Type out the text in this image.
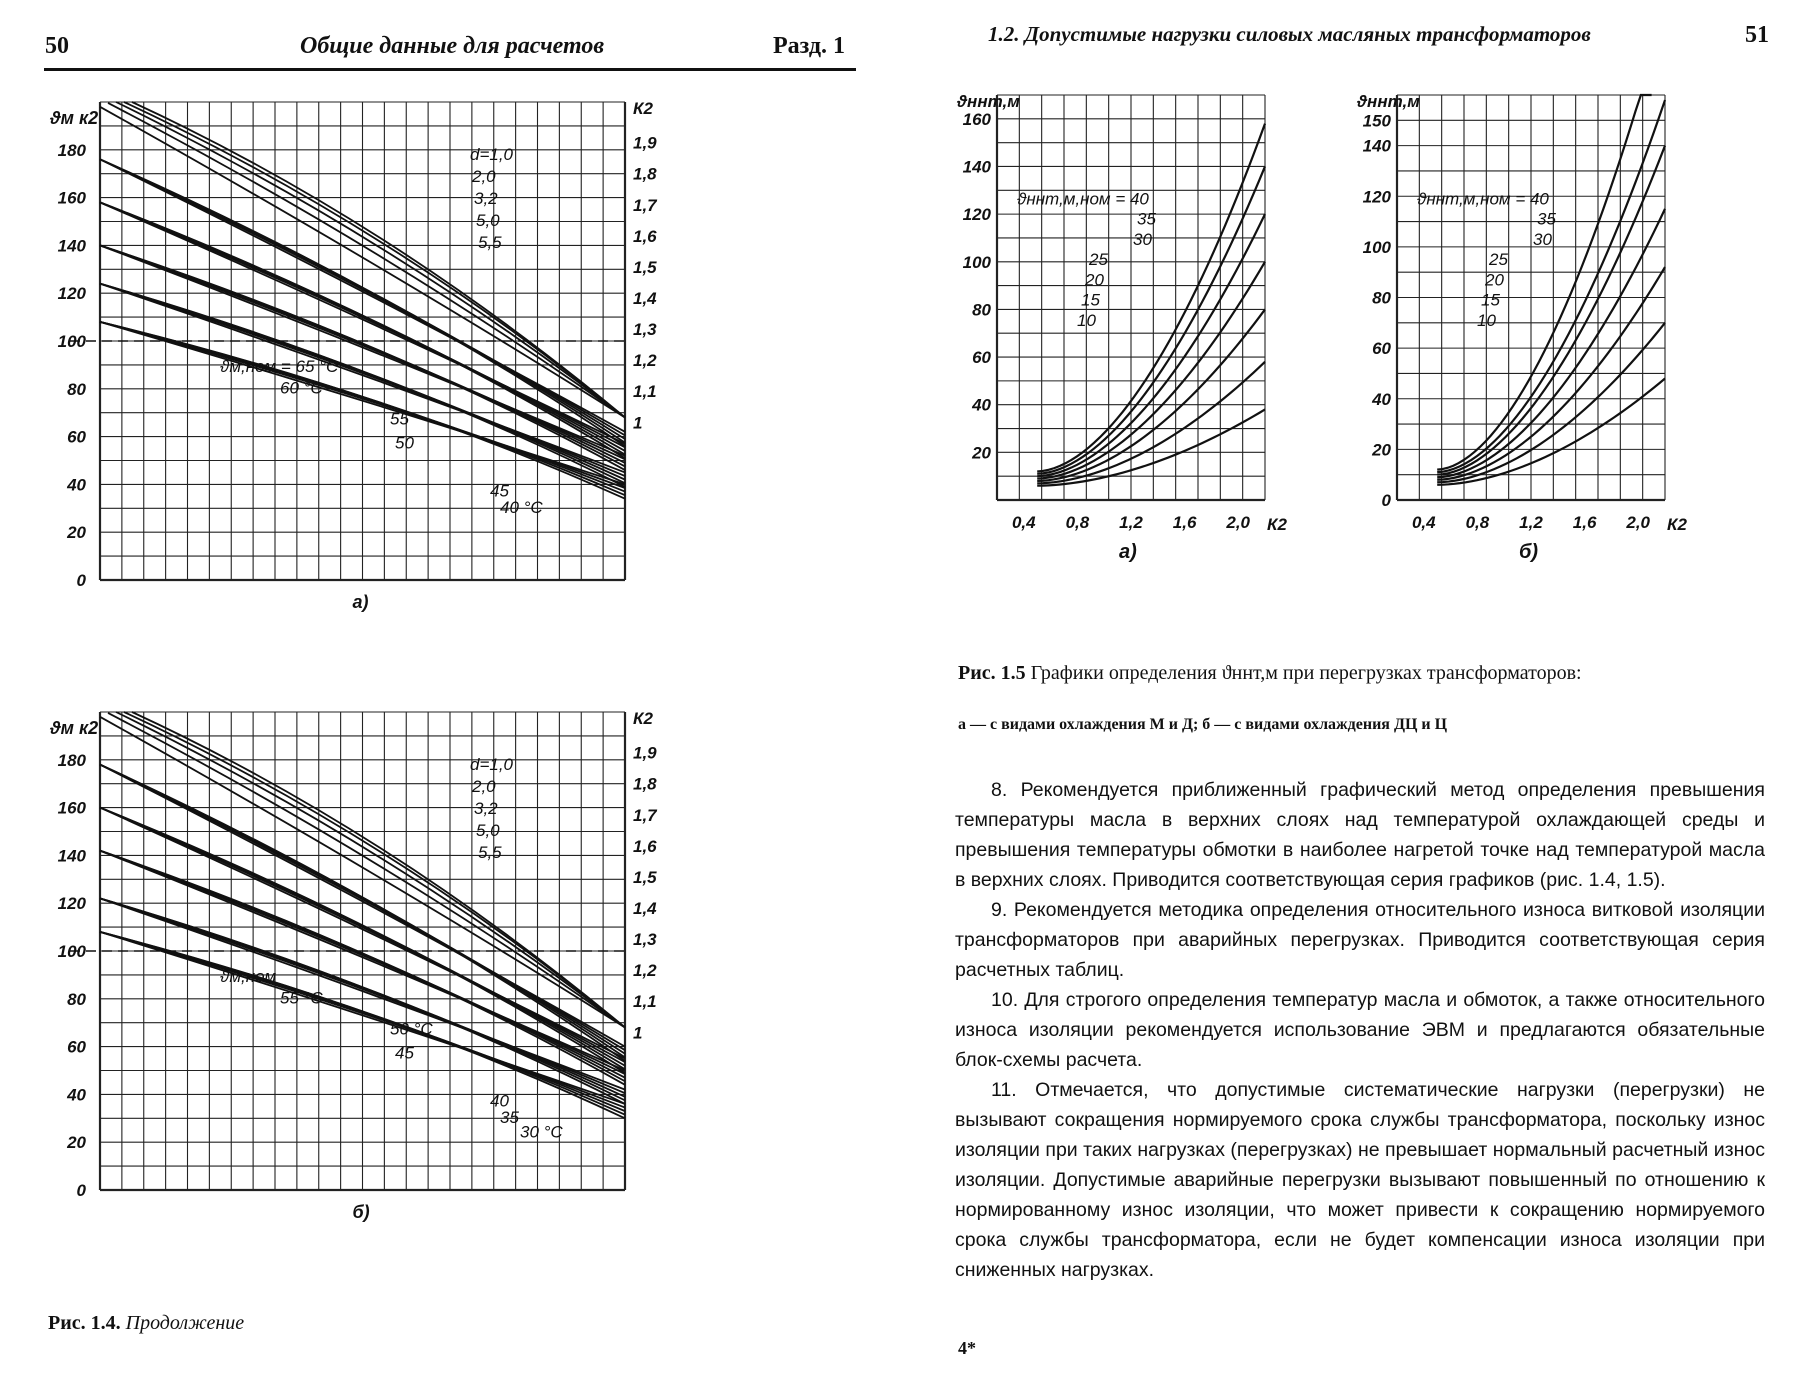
50	Общие данные для расчетов	Разд. 1
0
20
40
60
80
100
120
140
160
180
ϑм к2
1
1,1
1,2
1,3
1,4
1,5
1,6
1,7
1,8
1,9
К2
d=1,0
2,0
3,2
5,0
5,5
ϑм,ном = 65 °С
60 °С
55
50
45
40 °С
а)
0
20
40
60
80
100
120
140
160
180
ϑм к2
1
1,1
1,2
1,3
1,4
1,5
1,6
1,7
1,8
1,9
К2
d=1,0
2,0
3,2
5,0
5,5
ϑм,ном
55 °С
50 °С
45
40
35
30 °С
б)
Рис. 1.4. Продолжение
1.2. Допустимые нагрузки силовых масляных трансформаторов	51
160
140
120
100
80
60
40
20
ϑннт,м
0,4 0,8 1,2 1,6 2,0 К2
ϑннт,м,ном = 40
35
30
25
20
15
10
а)
150
140
120
100
80
60
40
20
0
ϑннт,м
0,4 0,8 1,2 1,6 2,0 К2
ϑннт,м,ном = 40
35
30
25
20
15
10
б)
Рис. 1.5 Графики определения ϑннт,м при перегрузках трансформаторов:
а — с видами охлаждения М и Д; б — с видами охлаждения ДЦ и Ц

8. Рекомендуется приближенный графический метод определения превышения температуры масла в верхних слоях над температурой охлаждающей среды и превышения температуры обмотки в наиболее нагретой точке над температурой масла в верхних слоях. Приводится соответствующая серия графиков (рис. 1.4, 1.5).

9. Рекомендуется методика определения относительного износа витковой изоляции трансформаторов при аварийных перегрузках. Приводится соответствующая серия расчетных таблиц.

10. Для строгого определения температур масла и обмоток, а также относительного износа изоляции рекомендуется использование ЭВМ и предлагаются обязательные блок-схемы расчета.

11. Отмечается, что допустимые систематические нагрузки (перегрузки) не вызывают сокращения нормируемого срока службы трансформатора, поскольку износ изоляции при таких нагрузках (перегрузках) не превышает нормальный расчетный износ изоляции. Допустимые аварийные перегрузки вызывают повышенный по отношению к нормированному износ изоляции, что может привести к сокращению нормируемого срока службы трансформатора, если не будет компенсации износа изоляции при сниженных нагрузках.

4*
